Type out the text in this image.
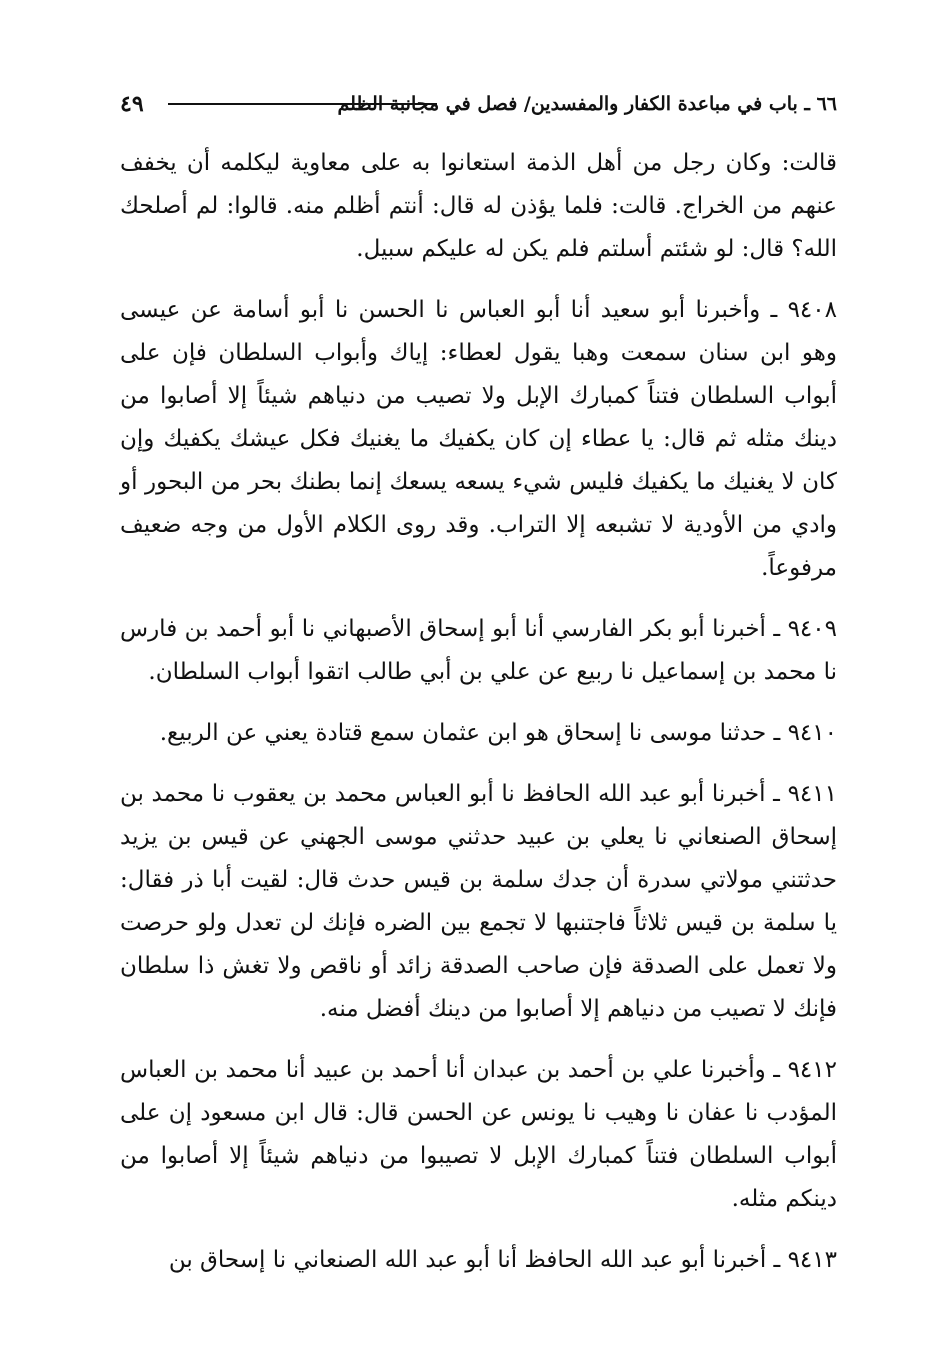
٦٦ ـ باب في مباعدة الكفار والمفسدين/ فصل في مجانبة الظلم
٤٩

قالت: وكان رجل من أهل الذمة استعانوا به على معاوية ليكلمه أن يخفف عنهم من الخراج. قالت: فلما يؤذن له قال: أنتم أظلم منه. قالوا: لم أصلحك الله؟ قال: لو شئتم أسلتم فلم يكن له عليكم سبيل.

٩٤٠٨ ـ وأخبرنا أبو سعيد أنا أبو العباس نا الحسن نا أبو أسامة عن عيسى وهو ابن سنان سمعت وهبا يقول لعطاء: إياك وأبواب السلطان فإن على أبواب السلطان فتناً كمبارك الإبل ولا تصيب من دنياهم شيئاً إلا أصابوا من دينك مثله ثم قال: يا عطاء إن كان يكفيك ما يغنيك فكل عيشك يكفيك وإن كان لا يغنيك ما يكفيك فليس شيء يسعه يسعك إنما بطنك بحر من البحور أو وادي من الأودية لا تشبعه إلا التراب. وقد روى الكلام الأول من وجه ضعيف مرفوعاً.

٩٤٠٩ ـ أخبرنا أبو بكر الفارسي أنا أبو إسحاق الأصبهاني نا أبو أحمد بن فارس نا محمد بن إسماعيل نا ربيع عن علي بن أبي طالب اتقوا أبواب السلطان.

٩٤١٠ ـ حدثنا موسى نا إسحاق هو ابن عثمان سمع قتادة يعني عن الربيع.

٩٤١١ ـ أخبرنا أبو عبد الله الحافظ نا أبو العباس محمد بن يعقوب نا محمد بن إسحاق الصنعاني نا يعلي بن عبيد حدثني موسى الجهني عن قيس بن يزيد حدثتني مولاتي سدرة أن جدك سلمة بن قيس حدث قال: لقيت أبا ذر فقال: يا سلمة بن قيس ثلاثاً فاجتنبها لا تجمع بين الضره فإنك لن تعدل ولو حرصت ولا تعمل على الصدقة فإن صاحب الصدقة زائد أو ناقص ولا تغش ذا سلطان فإنك لا تصيب من دنياهم إلا أصابوا من دينك أفضل منه.

٩٤١٢ ـ وأخبرنا علي بن أحمد بن عبدان أنا أحمد بن عبيد أنا محمد بن العباس المؤدب نا عفان نا وهيب نا يونس عن الحسن قال: قال ابن مسعود إن على أبواب السلطان فتناً كمبارك الإبل لا تصيبوا من دنياهم شيئاً إلا أصابوا من دينكم مثله.

٩٤١٣ ـ أخبرنا أبو عبد الله الحافظ أنا أبو عبد الله الصنعاني نا إسحاق بن
